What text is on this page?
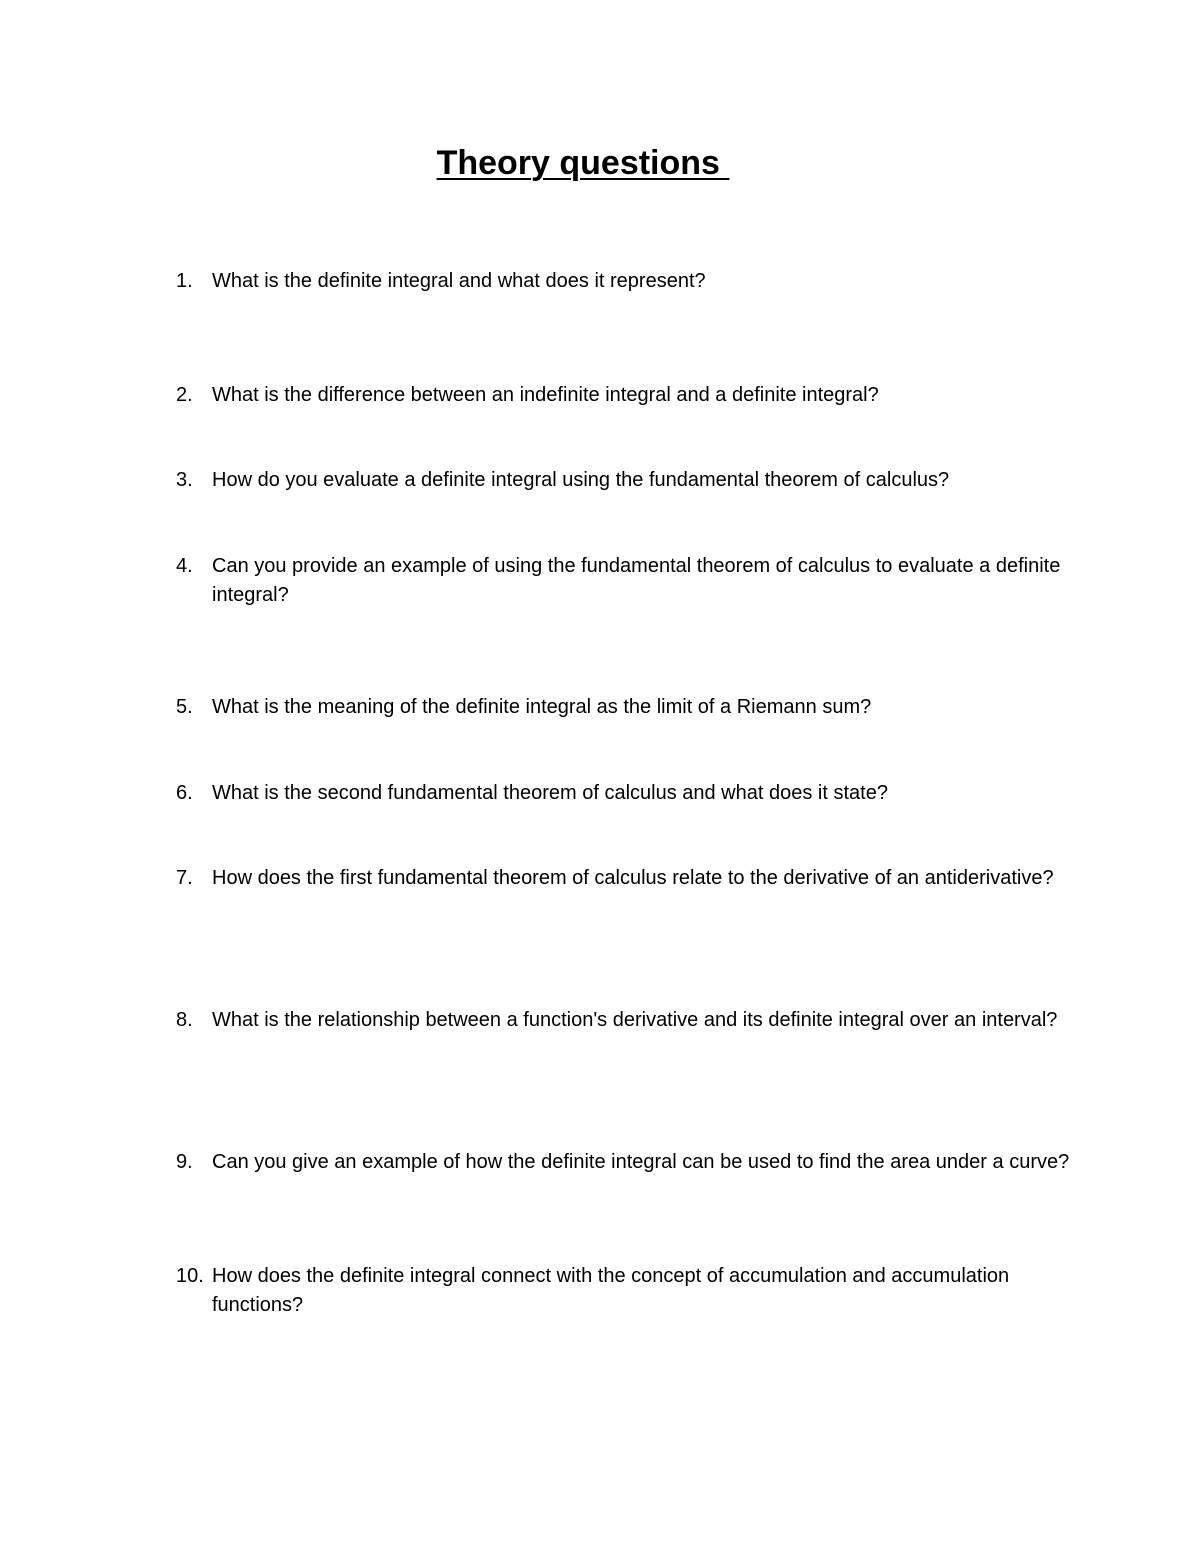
Theory questions
1. What is the definite integral and what does it represent?
2. What is the difference between an indefinite integral and a definite integral?
3. How do you evaluate a definite integral using the fundamental theorem of calculus?
4. Can you provide an example of using the fundamental theorem of calculus to evaluate a definite integral?
5. What is the meaning of the definite integral as the limit of a Riemann sum?
6. What is the second fundamental theorem of calculus and what does it state?
7. How does the first fundamental theorem of calculus relate to the derivative of an antiderivative?
8. What is the relationship between a function's derivative and its definite integral over an interval?
9. Can you give an example of how the definite integral can be used to find the area under a curve?
10. How does the definite integral connect with the concept of accumulation and accumulation functions?
